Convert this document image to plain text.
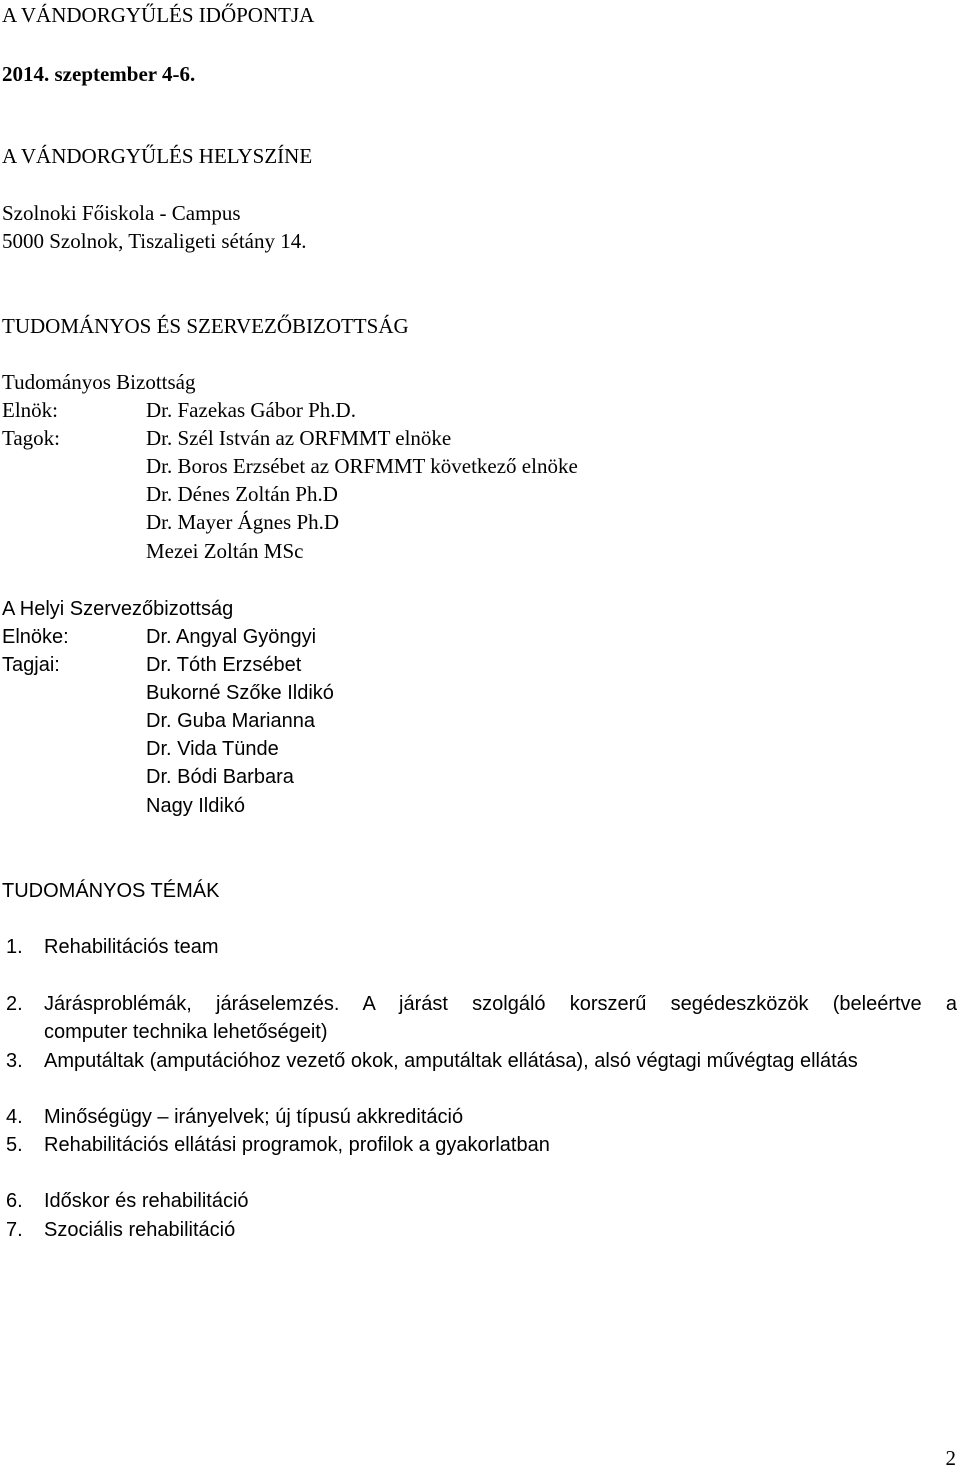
A VÁNDORGYŰLÉS IDŐPONTJA
2014. szeptember 4-6.
A VÁNDORGYŰLÉS HELYSZÍNE
Szolnoki Főiskola - Campus
5000 Szolnok, Tiszaligeti sétány 14.
TUDOMÁNYOS ÉS SZERVEZŐBIZOTTSÁG
Tudományos Bizottság
Elnök:	Dr. Fazekas Gábor Ph.D.
Tagok:	Dr. Szél István az ORFMMT elnöke
Dr. Boros Erzsébet az ORFMMT következő elnöke
Dr. Dénes Zoltán Ph.D
Dr. Mayer Ágnes Ph.D
Mezei Zoltán MSc
A Helyi Szervezőbizottság
Elnöke:	Dr. Angyal Gyöngyi
Tagjai:	Dr. Tóth Erzsébet
Bukorné Szőke Ildikó
Dr. Guba Marianna
Dr. Vida Tünde
Dr. Bódi Barbara
Nagy Ildikó
TUDOMÁNYOS TÉMÁK
1. Rehabilitációs team
2. Járásproblémák, járáselemzés. A járást szolgáló korszerű segédeszközök (beleértve a
computer technika lehetőségeit)
3. Amputáltak (amputációhoz vezető okok, amputáltak ellátása), alsó végtagi művégtag ellátás
4. Minőségügy – irányelvek; új típusú akkreditáció
5. Rehabilitációs ellátási programok, profilok a gyakorlatban
6. Időskor és rehabilitáció
7. Szociális rehabilitáció
2
